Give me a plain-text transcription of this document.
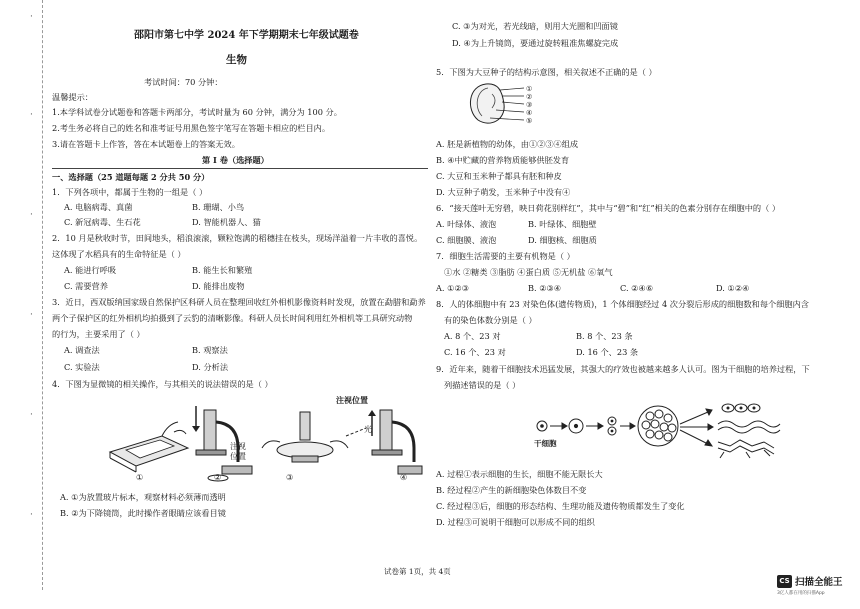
·
·
·
·
·
·
邵阳市第七中学 2024 年下学期期末七年级试题卷
生物
考试时间：70 分钟：
温馨提示：
1.本学科试卷分试题卷和答题卡两部分，考试时量为 60 分钟，满分为 100 分。
2.考生务必将自己的姓名和准考证号用黑色签字笔写在答题卡相应的栏目内。
3.请在答题卡上作答，答在本试题卷上的答案无效。
第 I 卷（选择题）
一、选择题（25 道题每题 2 分共 50 分）
1．下列各项中，都属于生物的一组是（ ）
A. 电脑病毒、真菌	B. 珊瑚、小鸟
C. 新冠病毒、生石花	D. 智能机器人、猫
2．10 月是秋收时节，田间地头，稻浪滚滚，颗粒饱满的稻穗挂在枝头，现场洋溢着一片丰收的喜悦。
这体现了水稻具有的生命特征是（ ）
A. 能进行呼吸	B. 能生长和繁殖
C. 需要营养	D. 能排出废物
3．近日，西双版纳国家级自然保护区科研人员在整理回收红外相机影像资料时发现，放置在勐腊和勐养
两个子保护区的红外相机均拍摄到了云豹的清晰影像。科研人员长时间利用红外相机等工具研究动物
的行为，主要采用了（ ）
A. 调查法	B. 观察法
C. 实验法	D. 分析法
4．下图为显微镜的相关操作，与其相关的说法错误的是（ ）
注视位置
注视位置
光
①	②	③	④
A. ①为放置玻片标本，观察材料必须薄而透明
B. ②为下降镜筒，此时操作者眼睛应该看目镜
C. ③为对光，若光线暗，则用大光圈和凹面镜
D. ④为上升镜筒，要通过旋转粗准焦螺旋完成
5．下图为大豆种子的结构示意图，相关叙述不正确的是（ ）
①
②
③
④
⑤
A. 胚是新植物的幼体，由①②③④组成
B. ④中贮藏的营养物质能够供胚发育
C. 大豆和玉米种子都具有胚和种皮
D. 大豆种子萌发，玉米种子中没有④
6．“接天莲叶无穷碧，映日荷花别样红”，其中与“碧”和“红”相关的色素分别存在细胞中的（ ）
A. 叶绿体、液泡	B. 叶绿体、细胞壁
C. 细胞膜、液泡	D. 细胞核、细胞质
7．细胞生活需要的主要有机物是（ ）
①水 ②糖类 ③脂肪 ④蛋白质 ⑤无机盐 ⑥氧气
A. ①②③	B. ②③④	C. ②④⑥	D. ①②④
8．人的体细胞中有 23 对染色体(遗传物质)，1 个体细胞经过 4 次分裂后形成的细胞数和每个细胞内含
有的染色体数分别是（ ）
A. 8 个、23 对	B. 8 个、23 条
C. 16 个、23 对	D. 16 个、23 条
9．近年来，随着干细胞技术迅猛发展，其强大的疗效也被越来越多人认可。图为干细胞的培养过程，下
列描述错误的是（ ）
干细胞
A. 过程①表示细胞的生长，细胞不能无限长大
B. 经过程②产生的新细胞染色体数目不变
C. 经过程③后，细胞的形态结构、生理功能及遗传物质都发生了变化
D. 过程③可说明干细胞可以形成不同的组织
试卷第 1页，共 4页
CS 扫描全能王
3亿人都在用的扫描App
